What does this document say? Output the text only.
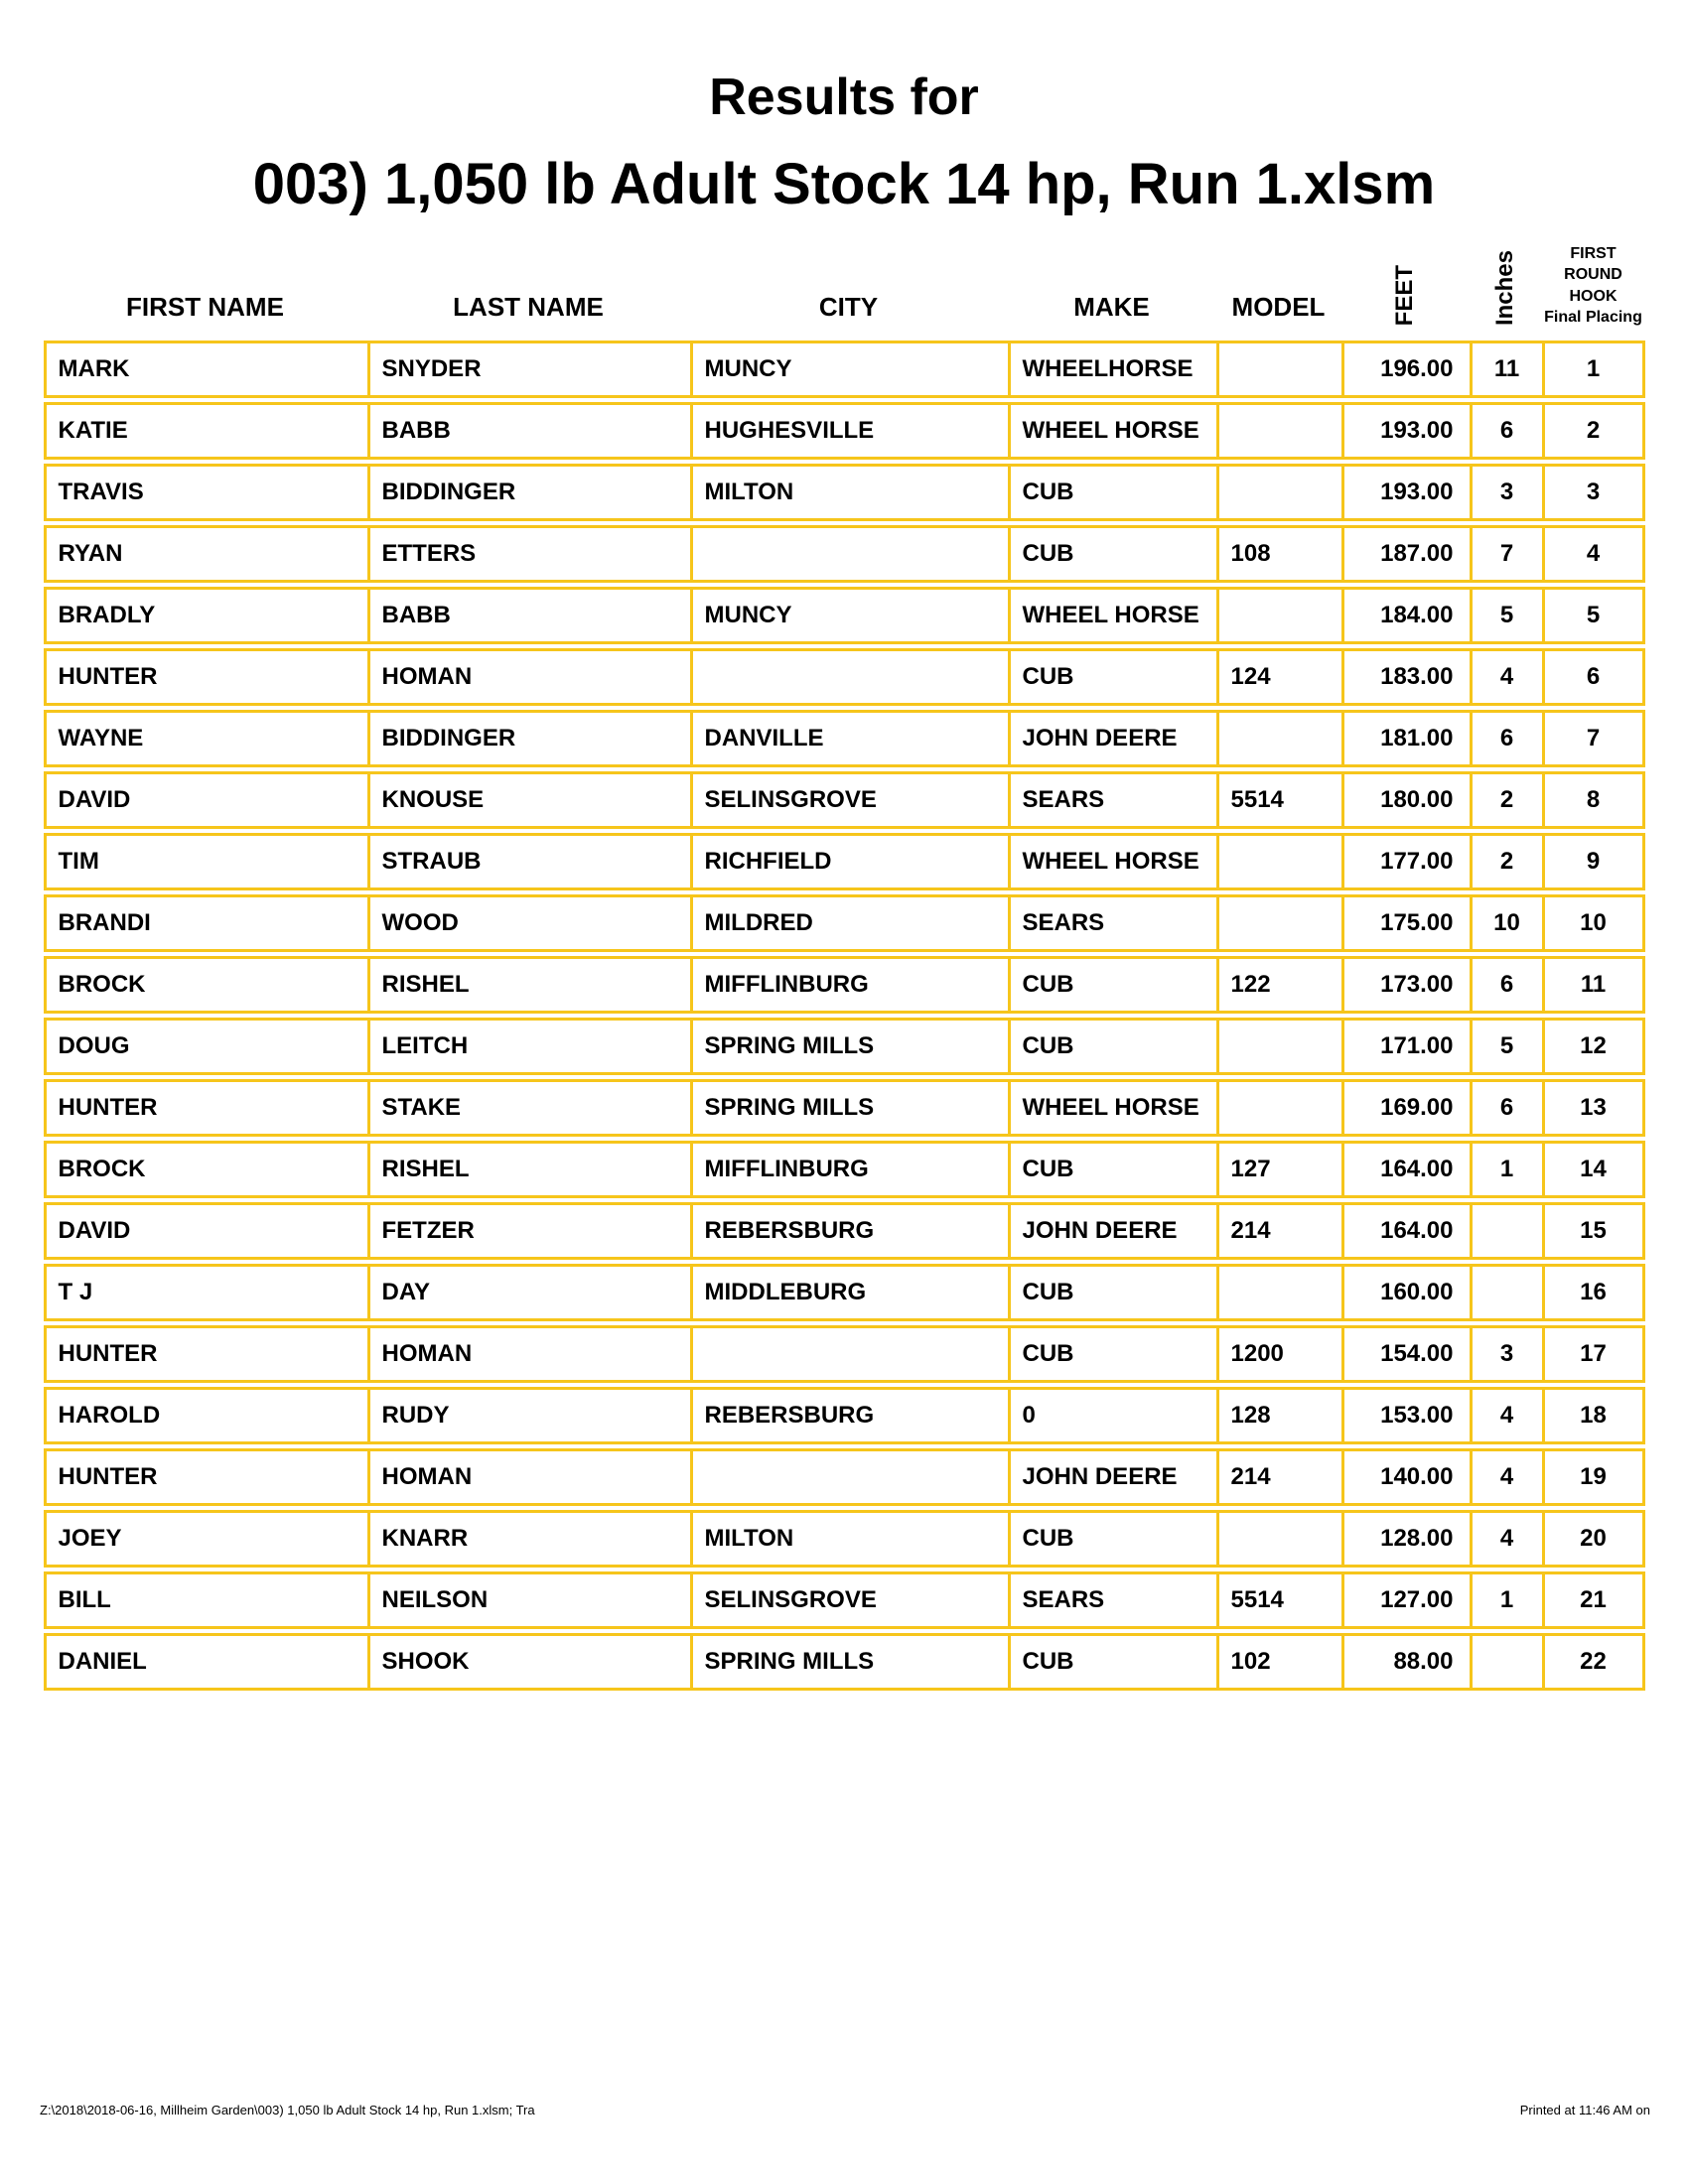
Results for
003) 1,050 lb Adult Stock 14 hp, Run 1.xlsm
FIRST NAME	LAST NAME	CITY	MAKE	MODEL	FEET	Inches	FIRST ROUND
HOOK
Final Placing

MARK	SNYDER	MUNCY	WHEELHORSE		196.00	11	1
KATIE	BABB	HUGHESVILLE	WHEEL HORSE		193.00	6	2
TRAVIS	BIDDINGER	MILTON	CUB		193.00	3	3
RYAN	ETTERS		CUB	108	187.00	7	4
BRADLY	BABB	MUNCY	WHEEL HORSE		184.00	5	5
HUNTER	HOMAN		CUB	124	183.00	4	6
WAYNE	BIDDINGER	DANVILLE	JOHN DEERE		181.00	6	7
DAVID	KNOUSE	SELINSGROVE	SEARS	5514	180.00	2	8
TIM	STRAUB	RICHFIELD	WHEEL HORSE		177.00	2	9
BRANDI	WOOD	MILDRED	SEARS		175.00	10	10
BROCK	RISHEL	MIFFLINBURG	CUB	122	173.00	6	11
DOUG	LEITCH	SPRING MILLS	CUB		171.00	5	12
HUNTER	STAKE	SPRING MILLS	WHEEL HORSE		169.00	6	13
BROCK	RISHEL	MIFFLINBURG	CUB	127	164.00	1	14
DAVID	FETZER	REBERSBURG	JOHN DEERE	214	164.00		15
T J	DAY	MIDDLEBURG	CUB		160.00		16
HUNTER	HOMAN		CUB	1200	154.00	3	17
HAROLD	RUDY	REBERSBURG	0	128	153.00	4	18
HUNTER	HOMAN		JOHN DEERE	214	140.00	4	19
JOEY	KNARR	MILTON	CUB		128.00	4	20
BILL	NEILSON	SELINSGROVE	SEARS	5514	127.00	1	21
DANIEL	SHOOK	SPRING MILLS	CUB	102	88.00		22
Z:\2018\2018-06-16, Millheim Garden\003) 1,050 lb Adult Stock 14 hp, Run 1.xlsm; Tra	Printed at 11:46 AM on
